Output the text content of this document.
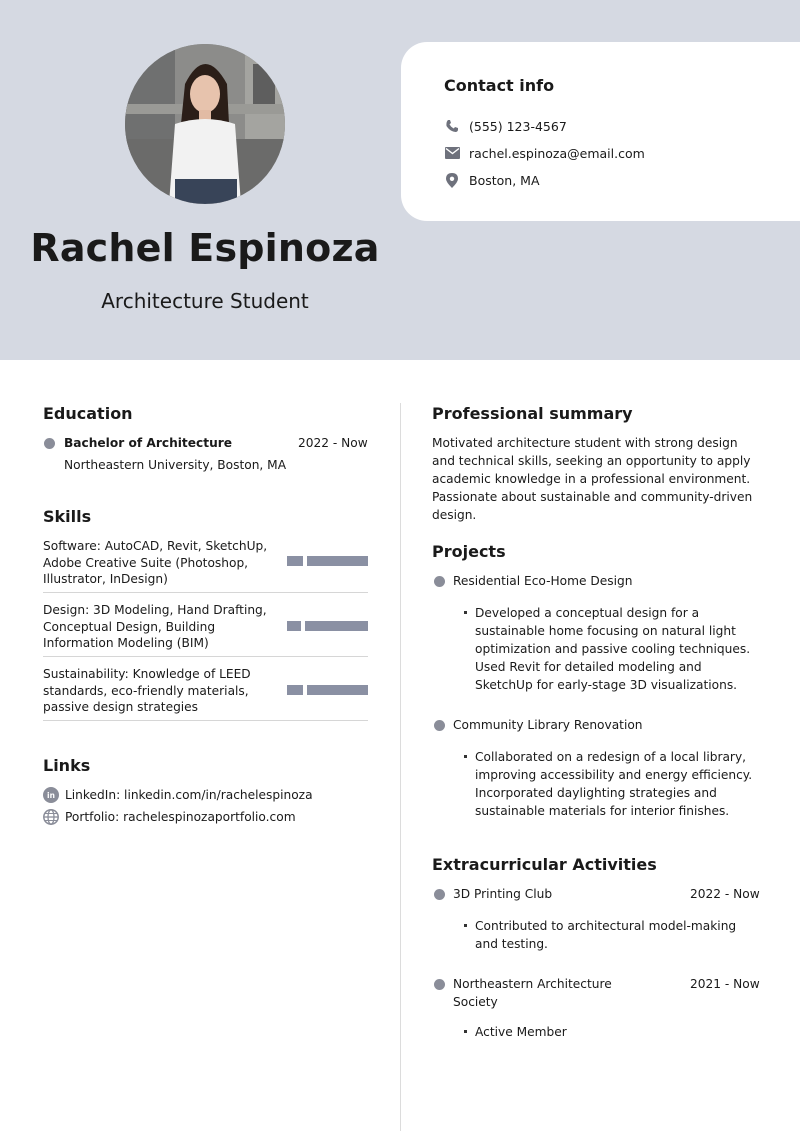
Rachel Espinoza
Architecture Student
Contact info
(555) 123-4567
rachel.espinoza@email.com
Boston, MA
Education
Bachelor of Architecture	2022 - Now
Northeastern University, Boston, MA
Skills
Software: AutoCAD, Revit, SketchUp, Adobe Creative Suite (Photoshop, Illustrator, InDesign)
Design: 3D Modeling, Hand Drafting, Conceptual Design, Building Information Modeling (BIM)
Sustainability: Knowledge of LEED standards, eco-friendly materials, passive design strategies
Links
in LinkedIn: linkedin.com/in/rachelespinoza
Portfolio: rachelespinozaportfolio.com
Professional summary
Motivated architecture student with strong design and technical skills, seeking an opportunity to apply academic knowledge in a professional environment. Passionate about sustainable and community-driven design.
Projects
Residential Eco-Home Design
Developed a conceptual design for a sustainable home focusing on natural light optimization and passive cooling techniques. Used Revit for detailed modeling and SketchUp for early-stage 3D visualizations.
Community Library Renovation
Collaborated on a redesign of a local library, improving accessibility and energy efficiency. Incorporated daylighting strategies and sustainable materials for interior finishes.
Extracurricular Activities
3D Printing Club	2022 - Now
Contributed to architectural model-making and testing.
Northeastern Architecture Society
2021 - Now
Active Member
